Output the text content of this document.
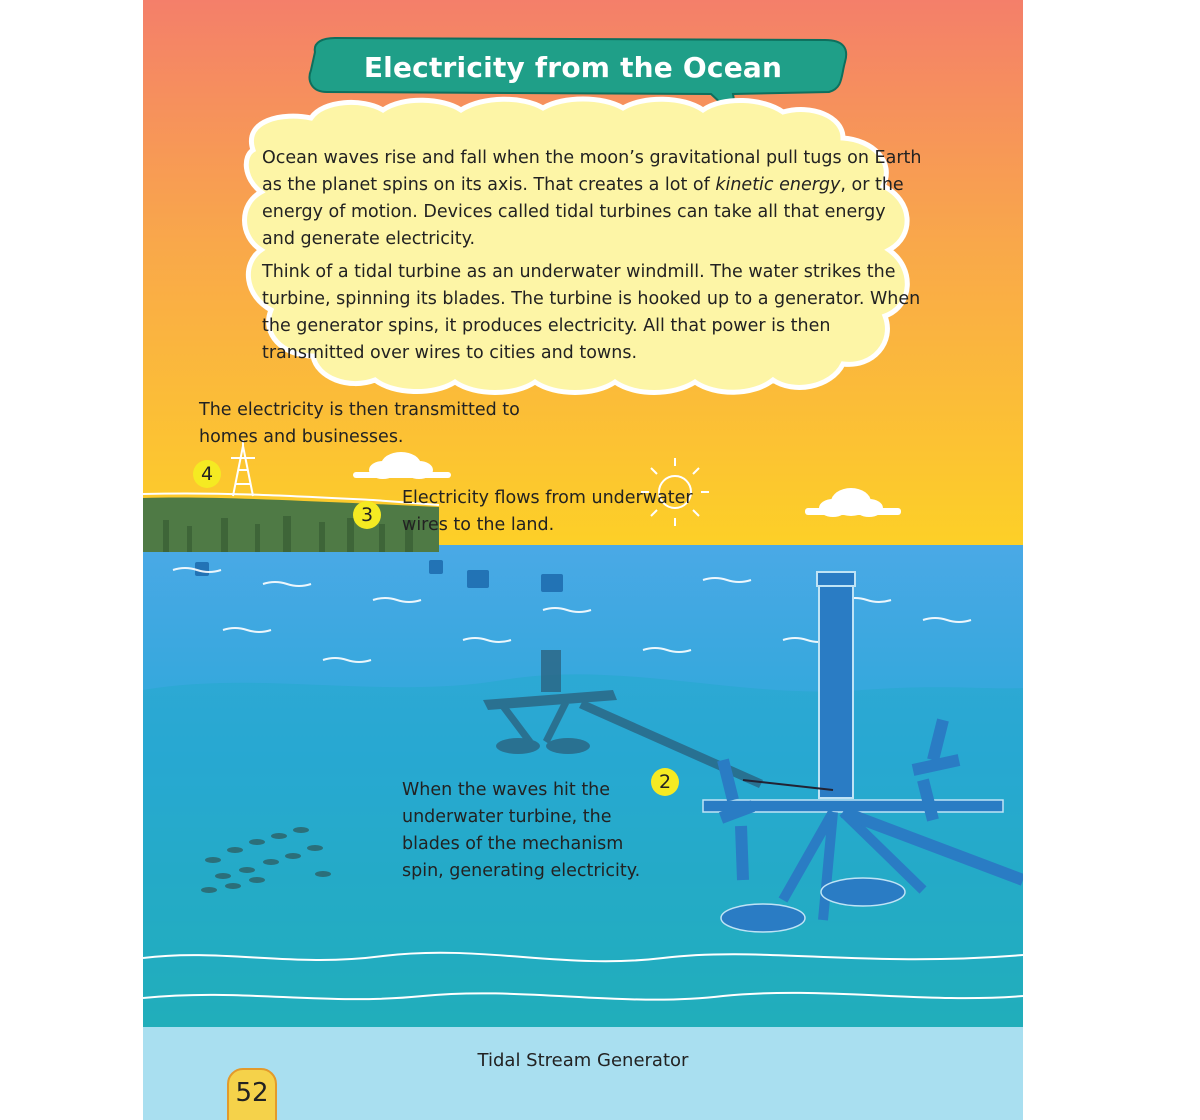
Electricity from the Ocean

Ocean waves rise and fall when the moon’s gravitational pull tugs on Earth as the planet spins on its axis. That creates a lot of kinetic energy, or the energy of motion. Devices called tidal turbines can take all that energy and generate electricity.

Think of a tidal turbine as an underwater windmill. The water strikes the turbine, spinning its blades. The turbine is hooked up to a generator. When the generator spins, it produces electricity. All that power is then transmitted over wires to cities and towns.

The electricity is then transmitted to homes and businesses.
4
Electricity flows from underwater wires to the land.
3
When the waves hit the underwater turbine, the blades of the mechanism spin, generating electricity.
2
Tidal Stream Generator
52
